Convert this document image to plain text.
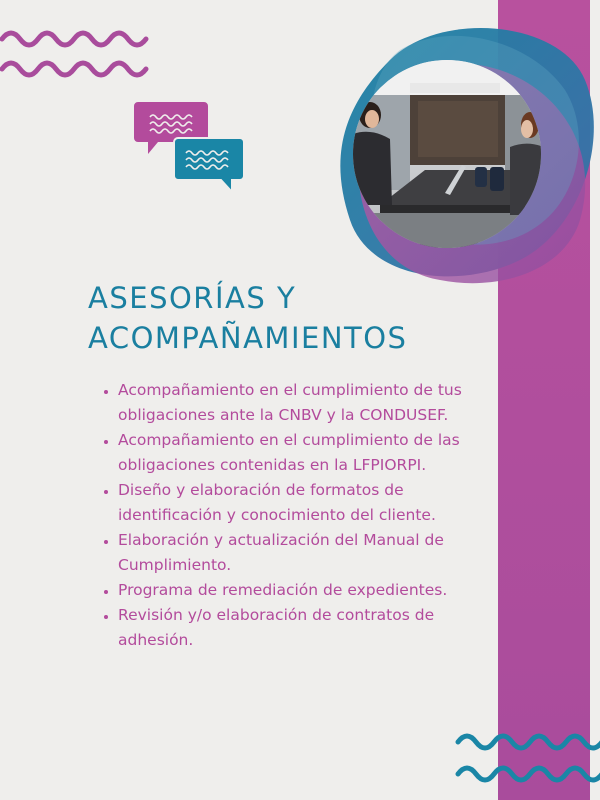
ASESORÍAS Y
ACOMPAÑAMIENTOS
• Acompañamiento en el cumplimiento de tus obligaciones ante la CNBV y la CONDUSEF.
• Acompañamiento en el cumplimiento de las obligaciones contenidas en la LFPIORPI.
• Diseño y elaboración de formatos de identificación y conocimiento del cliente.
• Elaboración y actualización del Manual de Cumplimiento.
• Programa de remediación de expedientes.
• Revisión y/o elaboración de contratos de adhesión.
